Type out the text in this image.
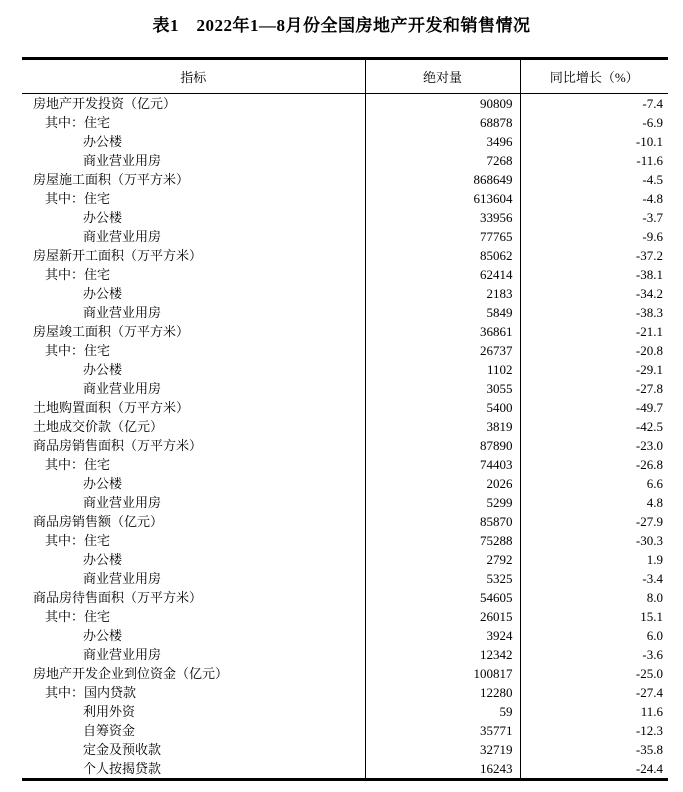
表1　2022年1—8月份全国房地产开发和销售情况
指标	绝对量	同比增长（%）
房地产开发投资（亿元）	90809	-7.4
其中：住宅	68878	-6.9
办公楼	3496	-10.1
商业营业用房	7268	-11.6
房屋施工面积（万平方米）	868649	-4.5
其中：住宅	613604	-4.8
办公楼	33956	-3.7
商业营业用房	77765	-9.6
房屋新开工面积（万平方米）	85062	-37.2
其中：住宅	62414	-38.1
办公楼	2183	-34.2
商业营业用房	5849	-38.3
房屋竣工面积（万平方米）	36861	-21.1
其中：住宅	26737	-20.8
办公楼	1102	-29.1
商业营业用房	3055	-27.8
土地购置面积（万平方米）	5400	-49.7
土地成交价款（亿元）	3819	-42.5
商品房销售面积（万平方米）	87890	-23.0
其中：住宅	74403	-26.8
办公楼	2026	6.6
商业营业用房	5299	4.8
商品房销售额（亿元）	85870	-27.9
其中：住宅	75288	-30.3
办公楼	2792	1.9
商业营业用房	5325	-3.4
商品房待售面积（万平方米）	54605	8.0
其中：住宅	26015	15.1
办公楼	3924	6.0
商业营业用房	12342	-3.6
房地产开发企业到位资金（亿元）	100817	-25.0
其中：国内贷款	12280	-27.4
利用外资	59	11.6
自筹资金	35771	-12.3
定金及预收款	32719	-35.8
个人按揭贷款	16243	-24.4
